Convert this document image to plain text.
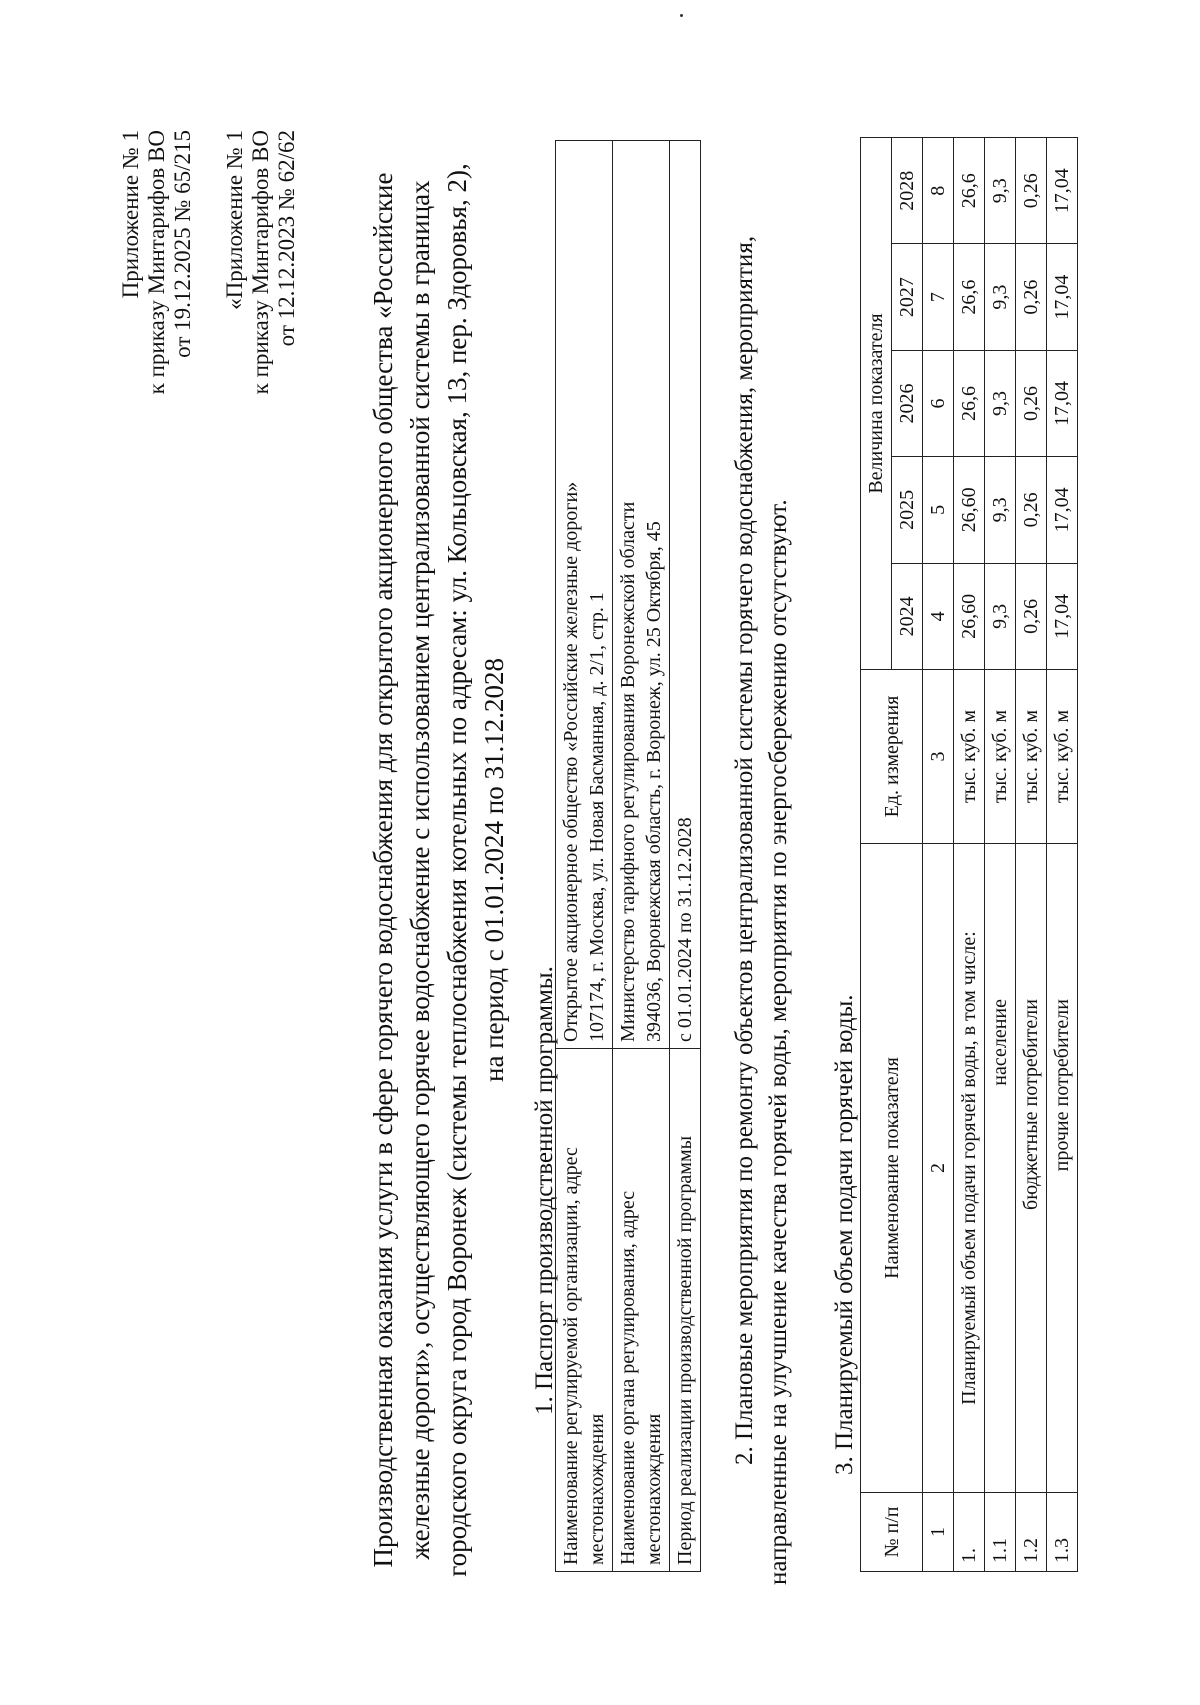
Приложение № 1 к приказу Минтарифов ВО от 19.12.2025 № 65/215 «Приложение № 1 к приказу Минтарифов ВО от 12.12.2023 № 62/62	Производственная оказания услуги в сфере горячего водоснабжения для открытого акционерного общества «Российские железные дороги», осуществляющего горячее водоснабжение с использованием централизованной системы в границах городского округа город Воронеж (системы теплоснабжения котельных по адресам: ул. Кольцовская, 13, пер. Здоровья, 2), на период с 01.01.2024 по 31.12.2028
1. Паспорт производственной программы. Наименование регулируемой организации, адрес местонахождения	Открытое акционерное общество «Российские железные дороги» 107174, г. Москва, ул. Новая Басманная, д. 2/1, стр. 1

Наименование органа регулирования, адрес местонахождения	Министерство тарифного регулирования Воронежской области 394036, Воронежская область, г. Воронеж, ул. 25 Октября, 45

Период реализации производственной программы	с 01.01.2024 по 31.12.2028 2. Плановые мероприятия по ремонту объектов централизованной системы горячего водоснабжения, мероприятия, направленные на улучшение качества горячей воды, мероприятия по энергосбережению отсутствуют. 3. Планируемый объем подачи горячей воды.
№ п/п	Наименование показателя	Ед. измерения	Величина показателя				
			2024	2025	2026	2027	2028
1	2	3	4	5	6	7	8
1.	Планируемый объем подачи горячей воды, в том числе:	тыс. куб. м	26,60	26,60	26,6	26,6	26,6
1.1	население	тыс. куб. м	9,3	9,3	9,3	9,3	9,3
1.2	бюджетные потребители	тыс. куб. м	0,26	0,26	0,26	0,26	0,26
1.3	прочие потребители	тыс. куб. м	17,04	17,04	17,04	17,04	17,04
